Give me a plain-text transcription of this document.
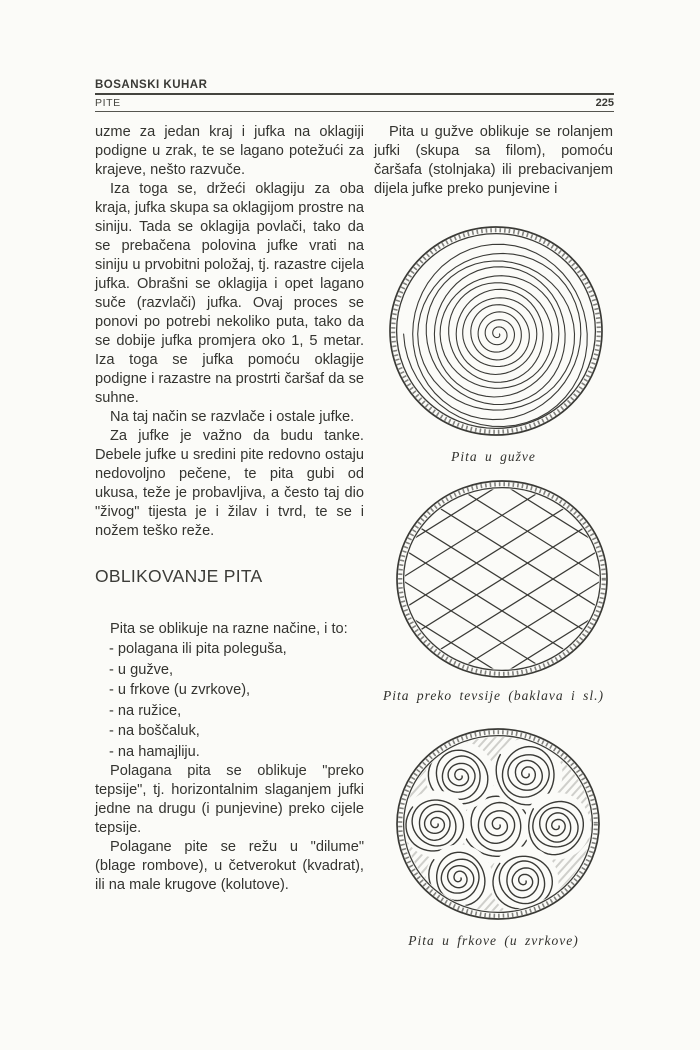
BOSANSKI KUHAR
PITE	225

uzme za jedan kraj i jufka na oklagiji podigne u zrak, te se lagano potežući za krajeve, nešto razvuče.

Iza toga se, držeći oklagiju za oba kraja, jufka skupa sa oklagijom prostre na siniju. Tada se oklagija povlači, tako da se prebačena polovina jufke vrati na siniju u prvobitni položaj, tj. razastre cijela jufka. Obrašni se oklagija i opet lagano suče (razvlači) jufka. Ovaj proces se ponovi po potrebi nekoliko puta, tako da se dobije jufka promjera oko 1, 5 metar. Iza toga se jufka pomoću oklagije podigne i razastre na prostrti čaršaf da se suhne.

Na taj način se razvlače i ostale jufke.

Za jufke je važno da budu tanke. Debele jufke u sredini pite redovno ostaju nedovoljno pečene, te pita gubi od ukusa, teže je probavljiva, a često taj dio "živog" tijesta je i žilav i tvrd, te se i nožem teško reže.

OBLIKOVANJE PITA

Pita se oblikuje na razne načine, i to:

- polagana ili pita poleguša,
- u gužve,
- u frkove (u zvrkove),
- na ružice,
- na boščaluk,
- na hamajliju.

Polagana pita se oblikuje "preko tepsije", tj. horizontalnim slaganjem jufki jedne na drugu (i punjevine) preko cijele tepsije.

Polagane pite se režu u "dilume" (blage rombove), u četverokut (kvadrat), ili na male krugove (kolutove).

Pita u gužve oblikuje se rolanjem jufki (skupa sa filom), pomoću čaršafa (stolnjaka) ili prebacivanjem dijela jufke preko punjevine i

Pita u gužve
Pita preko tevsije (baklava i sl.)
Pita u frkove (u zvrkove)
